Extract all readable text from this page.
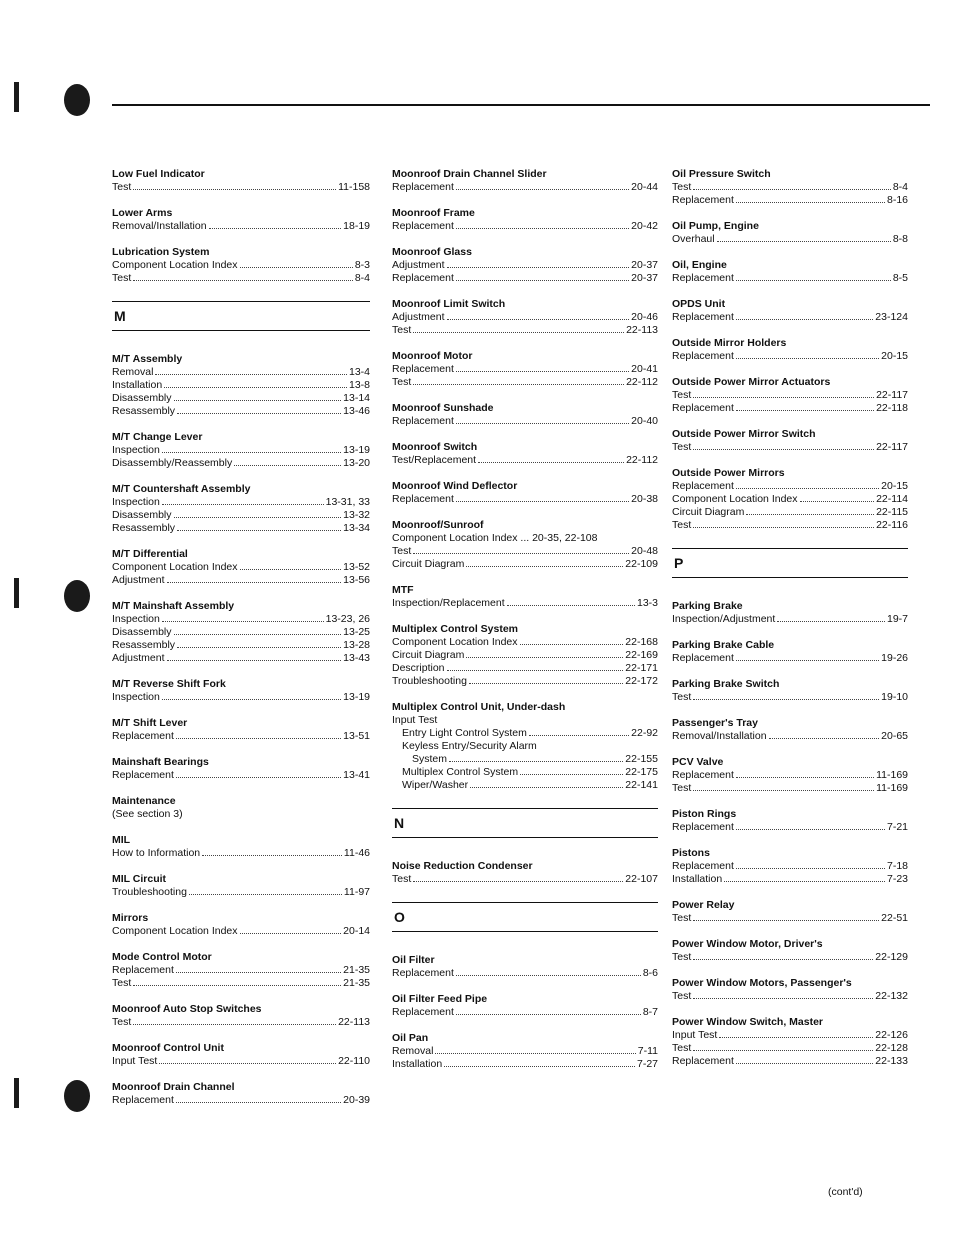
Low Fuel Indicator
Test	11-158
Lower Arms
Removal/Installation	18-19
Lubrication System
Component Location Index	8-3
Test	8-4
M
M/T Assembly
Removal	13-4
Installation	13-8
Disassembly	13-14
Resassembly	13-46
M/T Change Lever
Inspection	13-19
Disassembly/Reassembly	13-20
M/T Countershaft Assembly
Inspection	13-31, 33
Disassembly	13-32
Resassembly	13-34
M/T Differential
Component Location Index	13-52
Adjustment	13-56
M/T Mainshaft Assembly
Inspection	13-23, 26
Disassembly	13-25
Resassembly	13-28
Adjustment	13-43
M/T Reverse Shift Fork
Inspection	13-19
M/T Shift Lever
Replacement	13-51
Mainshaft Bearings
Replacement	13-41
Maintenance
(See section 3)
MIL
How to Information	11-46
MIL Circuit
Troubleshooting	11-97
Mirrors
Component Location Index	20-14
Mode Control Motor
Replacement	21-35
Test	21-35
Moonroof Auto Stop Switches
Test	22-113
Moonroof Control Unit
Input Test	22-110
Moonroof Drain Channel
Replacement	20-39
Moonroof Drain Channel Slider
Replacement	20-44
Moonroof Frame
Replacement	20-42
Moonroof Glass
Adjustment	20-37
Replacement	20-37
Moonroof Limit Switch
Adjustment	20-46
Test	22-113
Moonroof Motor
Replacement	20-41
Test	22-112
Moonroof Sunshade
Replacement	20-40
Moonroof Switch
Test/Replacement	22-112
Moonroof Wind Deflector
Replacement	20-38
Moonroof/Sunroof
Component Location Index ... 20-35, 22-108
Test	20-48
Circuit Diagram	22-109
MTF
Inspection/Replacement	13-3
Multiplex Control System
Component Location Index	22-168
Circuit Diagram	22-169
Description	22-171
Troubleshooting	22-172
Multiplex Control Unit, Under-dash
Input Test
Entry Light Control System	22-92
Keyless Entry/Security Alarm
System	22-155
Multiplex Control System	22-175
Wiper/Washer	22-141
N
Noise Reduction Condenser
Test	22-107
O
Oil Filter
Replacement	8-6
Oil Filter Feed Pipe
Replacement	8-7
Oil Pan
Removal	7-11
Installation	7-27
Oil Pressure Switch
Test	8-4
Replacement	8-16
Oil Pump, Engine
Overhaul	8-8
Oil, Engine
Replacement	8-5
OPDS Unit
Replacement	23-124
Outside Mirror Holders
Replacement	20-15
Outside Power Mirror Actuators
Test	22-117
Replacement	22-118
Outside Power Mirror Switch
Test	22-117
Outside Power Mirrors
Replacement	20-15
Component Location Index	22-114
Circuit Diagram	22-115
Test	22-116
P
Parking Brake
Inspection/Adjustment	19-7
Parking Brake Cable
Replacement	19-26
Parking Brake Switch
Test	19-10
Passenger's Tray
Removal/Installation	20-65
PCV Valve
Replacement	11-169
Test	11-169
Piston Rings
Replacement	7-21
Pistons
Replacement	7-18
Installation	7-23
Power Relay
Test	22-51
Power Window Motor, Driver's
Test	22-129
Power Window Motors, Passenger's
Test	22-132
Power Window Switch, Master
Input Test	22-126
Test	22-128
Replacement	22-133
(cont'd)
